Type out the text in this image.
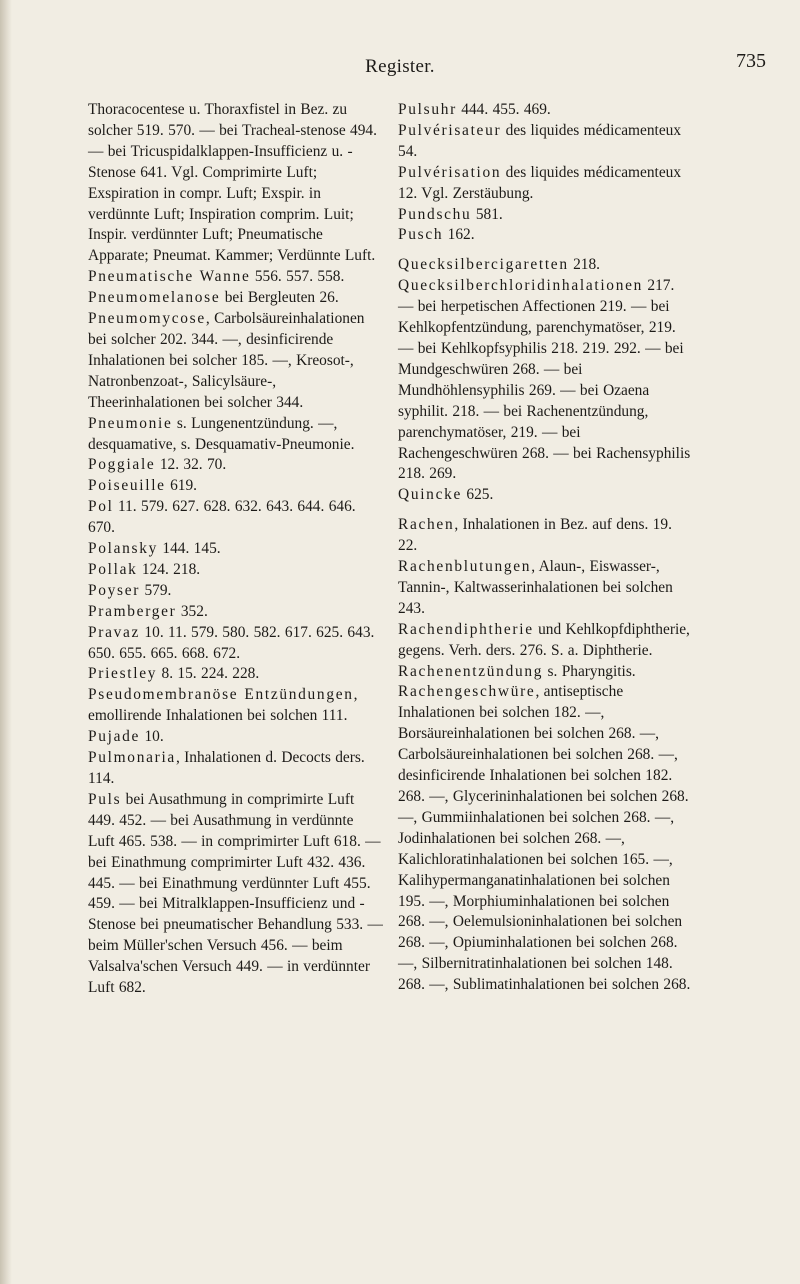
Register.	735

Thoracocentese u. Thoraxfistel in Bez. zu solcher 519. 570. — bei Tracheal-stenose 494. — bei Tricuspidalklappen-Insufficienz u. -Stenose 641. Vgl. Comprimirte Luft; Exspiration in compr. Luft; Exspir. in verdünnte Luft; Inspiration comprim. Luit; Inspir. verdünnter Luft; Pneumatische Apparate; Pneumat. Kammer; Verdünnte Luft.

Pneumatische Wanne 556. 557. 558.

Pneumomelanose bei Bergleuten 26.

Pneumomycose, Carbolsäureinhalationen bei solcher 202. 344. —, desinficirende Inhalationen bei solcher 185. —, Kreosot-, Natronbenzoat-, Salicylsäure-, Theerinhalationen bei solcher 344.

Pneumonie s. Lungenentzündung. —, desquamative, s. Desquamativ-Pneumonie.

Poggiale 12. 32. 70.

Poiseuille 619.

Pol 11. 579. 627. 628. 632. 643. 644. 646. 670.

Polansky 144. 145.

Pollak 124. 218.

Poyser 579.

Pramberger 352.

Pravaz 10. 11. 579. 580. 582. 617. 625. 643. 650. 655. 665. 668. 672.

Priestley 8. 15. 224. 228.

Pseudomembranöse Entzündungen, emollirende Inhalationen bei solchen 111.

Pujade 10.

Pulmonaria, Inhalationen d. Decocts ders. 114.

Puls bei Ausathmung in comprimirte Luft 449. 452. — bei Ausathmung in verdünnte Luft 465. 538. — in comprimirter Luft 618. — bei Einathmung comprimirter Luft 432. 436. 445. — bei Einathmung verdünnter Luft 455. 459. — bei Mitralklappen-Insufficienz und -Stenose bei pneumatischer Behandlung 533. — beim Müller'schen Versuch 456. — beim Valsalva'schen Versuch 449. — in verdünnter Luft 682.

Pulsuhr 444. 455. 469.

Pulvérisateur des liquides médicamenteux 54.

Pulvérisation des liquides médicamenteux 12. Vgl. Zerstäubung.

Pundschu 581.

Pusch 162.

Quecksilbercigaretten 218.

Quecksilberchloridinhalationen 217. — bei herpetischen Affectionen 219. — bei Kehlkopfentzündung, parenchymatöser, 219. — bei Kehlkopfsyphilis 218. 219. 292. — bei Mundgeschwüren 268. — bei Mundhöhlensyphilis 269. — bei Ozaena syphilit. 218. — bei Rachenentzündung, parenchymatöser, 219. — bei Rachengeschwüren 268. — bei Rachensyphilis 218. 269.

Quincke 625.

Rachen, Inhalationen in Bez. auf dens. 19. 22.

Rachenblutungen, Alaun-, Eiswasser-, Tannin-, Kaltwasserinhalationen bei solchen 243.

Rachendiphtherie und Kehlkopfdiphtherie, gegens. Verh. ders. 276. S. a. Diphtherie.

Rachenentzündung s. Pharyngitis.

Rachengeschwüre, antiseptische Inhalationen bei solchen 182. —, Borsäureinhalationen bei solchen 268. —, Carbolsäureinhalationen bei solchen 268. —, desinficirende Inhalationen bei solchen 182. 268. —, Glycerininhalationen bei solchen 268. —, Gummiinhalationen bei solchen 268. —, Jodinhalationen bei solchen 268. —, Kalichloratinhalationen bei solchen 165. —, Kalihypermanganatinhalationen bei solchen 195. —, Morphiuminhalationen bei solchen 268. —, Oelemulsioninhalationen bei solchen 268. —, Opiuminhalationen bei solchen 268. —, Silbernitratinhalationen bei solchen 148. 268. —, Sublimatinhalationen bei solchen 268.
